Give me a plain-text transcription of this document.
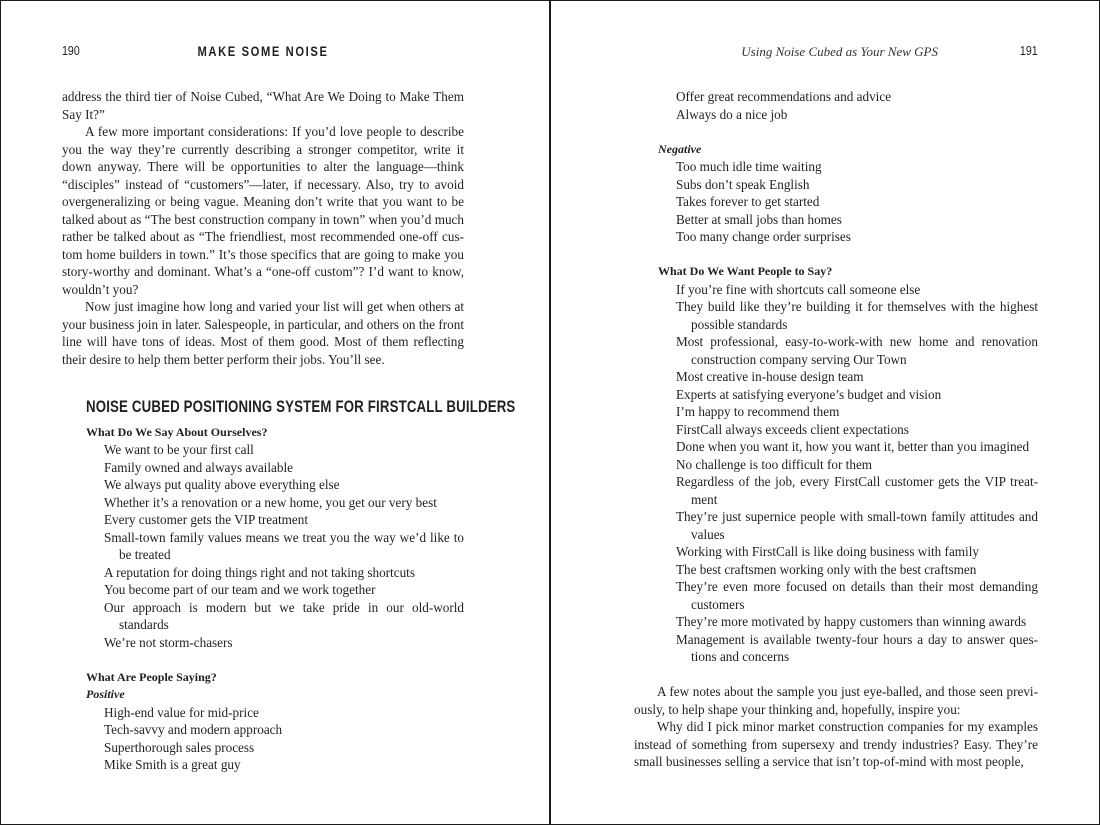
190	MAKE SOME NOISE

address the third tier of Noise Cubed, “What Are We Doing to Make Them Say It?”

A few more important considerations: If you’d love people to describe you the way they’re currently describing a stronger competitor, write it down anyway. There will be opportunities to alter the language—think “disciples” instead of “customers”—later, if necessary. Also, try to avoid overgeneralizing or being vague. Meaning don’t write that you want to be talked about as “The best construction company in town” when you’d much rather be talked about as “The friendliest, most recommended one-off cus-tom home builders in town.” It’s those specifics that are going to make you story-worthy and dominant. What’s a “one-off custom”? I’d want to know, wouldn’t you?

Now just imagine how long and varied your list will get when others at your business join in later. Salespeople, in particular, and others on the front line will have tons of ideas. Most of them good. Most of them reflecting their desire to help them better perform their jobs. You’ll see.

NOISE CUBED POSITIONING SYSTEM FOR FIRSTCALL BUILDERS

What Do We Say About Ourselves?

We want to be your first call
Family owned and always available
We always put quality above everything else
Whether it’s a renovation or a new home, you get our very best
Every customer gets the VIP treatment
Small-town family values means we treat you the way we’d like to be treated
A reputation for doing things right and not taking shortcuts
You become part of our team and we work together
Our approach is modern but we take pride in our old-world standards
We’re not storm-chasers

What Are People Saying?

Positive

High-end value for mid-price
Tech-savvy and modern approach
Superthorough sales process
Mike Smith is a great guy
Using Noise Cubed as Your New GPS	191
Offer great recommendations and advice
Always do a nice job

Negative

Too much idle time waiting
Subs don’t speak English
Takes forever to get started
Better at small jobs than homes
Too many change order surprises

What Do We Want People to Say?

If you’re fine with shortcuts call someone else
They build like they’re building it for themselves with the highest possible standards
Most professional, easy-to-work-with new home and renovation construction company serving Our Town
Most creative in-house design team
Experts at satisfying everyone’s budget and vision
I’m happy to recommend them
FirstCall always exceeds client expectations
Done when you want it, how you want it, better than you imagined
No challenge is too difficult for them
Regardless of the job, every FirstCall customer gets the VIP treat-ment
They’re just supernice people with small-town family attitudes and values
Working with FirstCall is like doing business with family
The best craftsmen working only with the best craftsmen
They’re even more focused on details than their most demanding customers
They’re more motivated by happy customers than winning awards
Management is available twenty-four hours a day to answer ques-tions and concerns

A few notes about the sample you just eye-balled, and those seen previ-ously, to help shape your thinking and, hopefully, inspire you:

Why did I pick minor market construction companies for my examples instead of something from supersexy and trendy industries? Easy. They’re small businesses selling a service that isn’t top-of-mind with most people,
